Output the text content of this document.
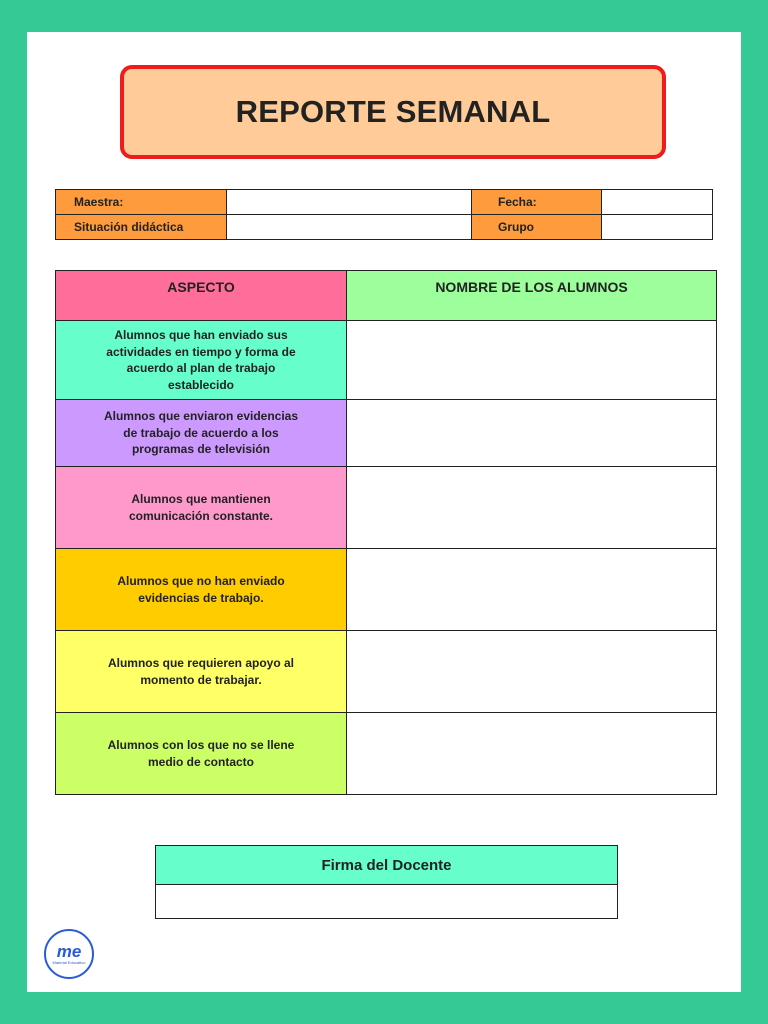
REPORTE SEMANAL
Maestra:		Fecha:	
Situación didáctica		Grupo	
ASPECTO	NOMBRE DE LOS ALUMNOS

Alumnos que han enviado sus
actividades en tiempo y forma de
acuerdo al plan de trabajo
establecido	

Alumnos que enviaron evidencias
de trabajo de acuerdo a los
programas de televisión	

Alumnos que mantienen
comunicación constante.	

Alumnos que no han enviado
evidencias de trabajo.	

Alumnos que requieren apoyo al
momento de trabajar.	

Alumnos con los que no se llene
medio de contacto	

Firma del Docente

me
Material Educativo
